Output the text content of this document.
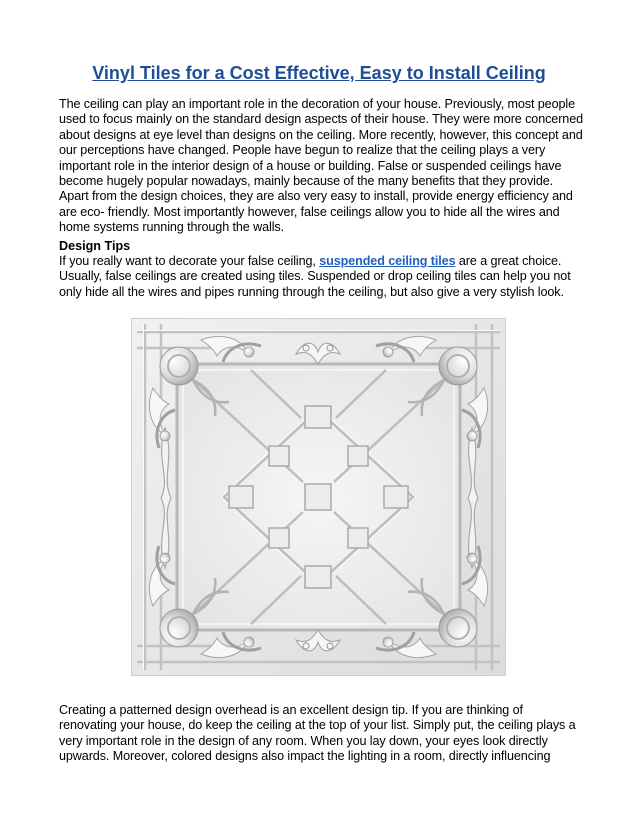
Vinyl Tiles for a Cost Effective, Easy to Install Ceiling

The ceiling can play an important role in the decoration of your house. Previously, most people used to focus mainly on the standard design aspects of their house. They were more concerned about designs at eye level than designs on the ceiling. More recently, however, this concept and our perceptions have changed. People have begun to realize that the ceiling plays a very important role in the interior design of a house or building. False or suspended ceilings have become hugely popular nowadays, mainly because of the many benefits that they provide. Apart from the design choices, they are also very easy to install, provide energy efficiency and are eco- friendly. Most importantly however, false ceilings allow you to hide all the wires and home systems running through the walls.

Design Tips

If you really want to decorate your false ceiling, suspended ceiling tiles are a great choice. Usually, false ceilings are created using tiles. Suspended or drop ceiling tiles can help you not only hide all the wires and pipes running through the ceiling, but also give a very stylish look.

Creating a patterned design overhead is an excellent design tip. If you are thinking of renovating your house, do keep the ceiling at the top of your list. Simply put, the ceiling plays a very important role in the design of any room. When you lay down, your eyes look directly upwards. Moreover, colored designs also impact the lighting in a room, directly influencing
